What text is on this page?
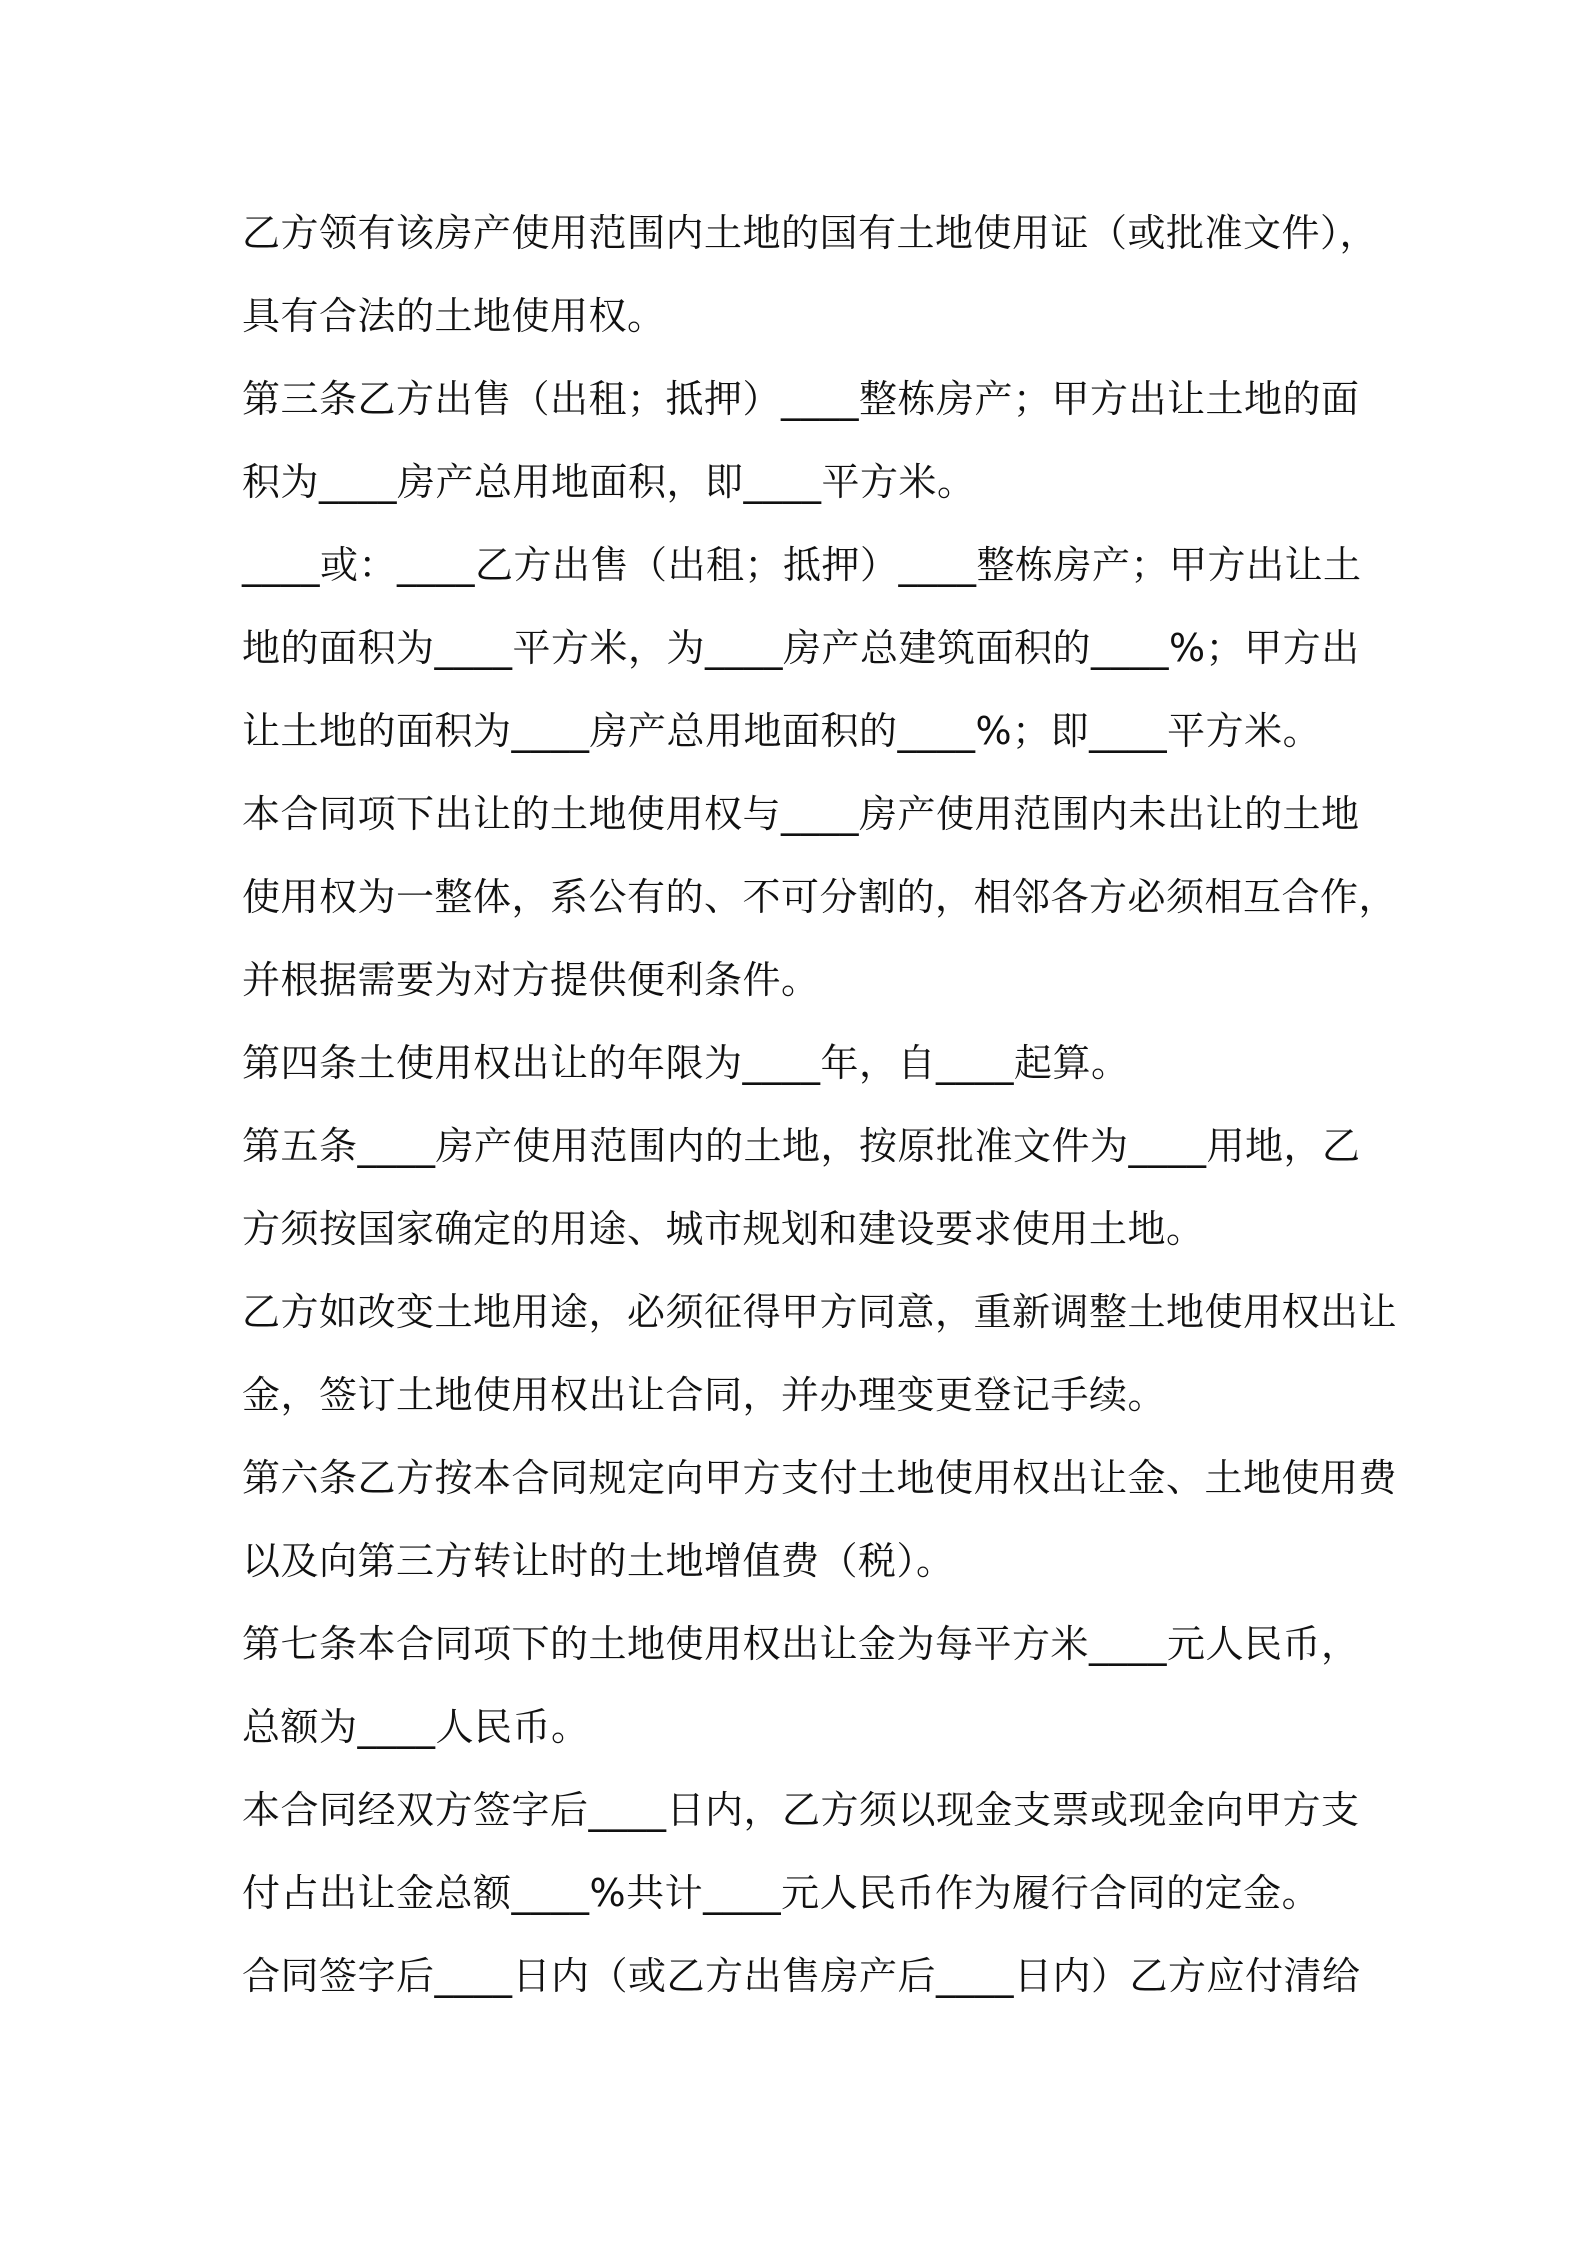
乙方领有该房产使用范围内土地的国有土地使用证（或批准文件），
具有合法的土地使用权。
第三条乙方出售（出租；抵押）____整栋房产；甲方出让土地的面
积为____房产总用地面积，即____平方米。
____或：____乙方出售（出租；抵押）____整栋房产；甲方出让土
地的面积为____平方米，为____房产总建筑面积的____%；甲方出
让土地的面积为____房产总用地面积的____%；即____平方米。
本合同项下出让的土地使用权与____房产使用范围内未出让的土地
使用权为一整体，系公有的、不可分割的，相邻各方必须相互合作，
并根据需要为对方提供便利条件。
第四条土使用权出让的年限为____年，自____起算。
第五条____房产使用范围内的土地，按原批准文件为____用地，乙
方须按国家确定的用途、城市规划和建设要求使用土地。
乙方如改变土地用途，必须征得甲方同意，重新调整土地使用权出让
金，签订土地使用权出让合同，并办理变更登记手续。
第六条乙方按本合同规定向甲方支付土地使用权出让金、土地使用费
以及向第三方转让时的土地增值费（税）。
第七条本合同项下的土地使用权出让金为每平方米____元人民币，
总额为____人民币。
本合同经双方签字后____日内，乙方须以现金支票或现金向甲方支
付占出让金总额____%共计____元人民币作为履行合同的定金。
合同签字后____日内（或乙方出售房产后____日内）乙方应付清给
